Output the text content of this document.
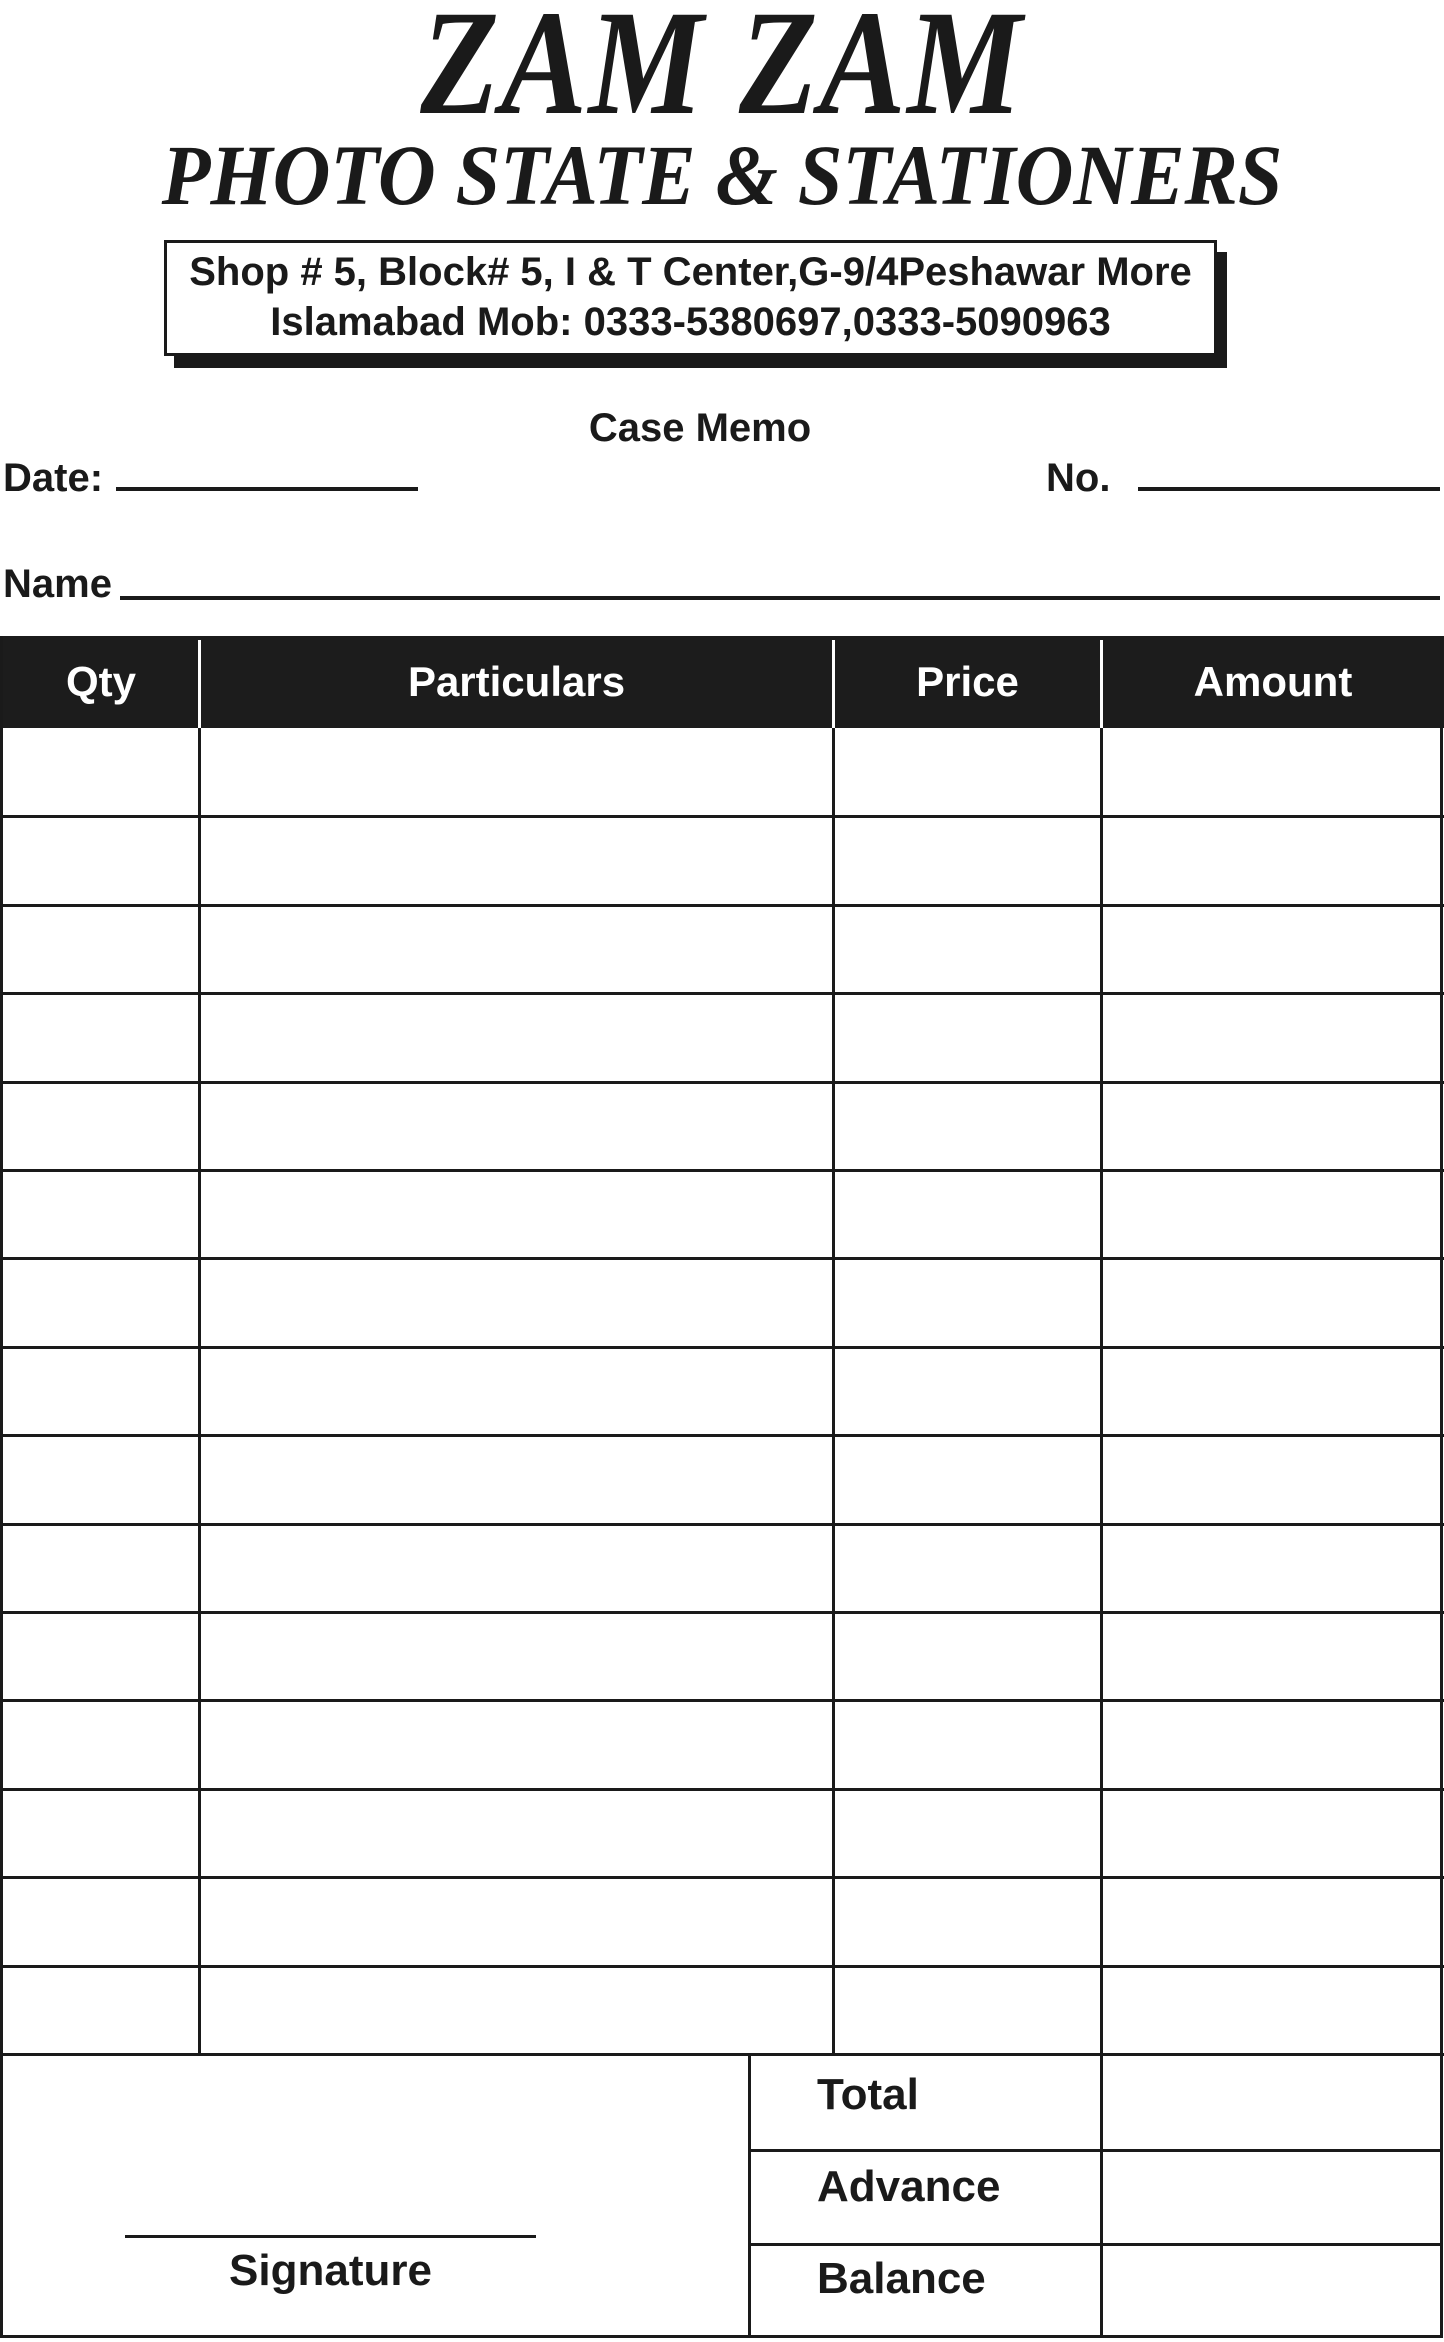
ZAM ZAM
PHOTO STATE & STATIONERS
Shop # 5, Block# 5, I & T Center,G-9/4Peshawar More
Islamabad Mob: 0333-5380697,0333-5090963
Case Memo
Date:	No.
Name
Qty	Particulars	Price	Amount
Total
Advance
Balance
Signature
